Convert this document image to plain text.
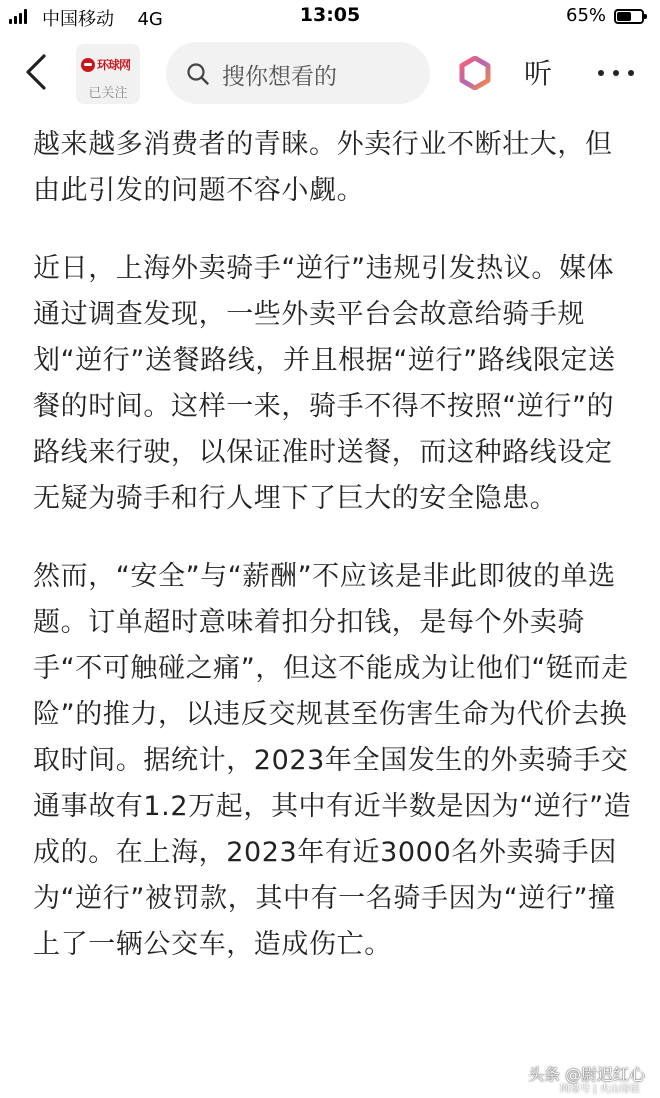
中国移动 4G	13:05	65%
环球网
已关注
搜你想看的	听

越来越多消费者的青睐。外卖行业不断壮大，但由此引发的问题不容小觑。

近日，上海外卖骑手“逆行”违规引发热议。媒体通过调查发现，一些外卖平台会故意给骑手规划“逆行”送餐路线，并且根据“逆行”路线限定送餐的时间。这样一来，骑手不得不按照“逆行”的路线来行驶，以保证准时送餐，而这种路线设定无疑为骑手和行人埋下了巨大的安全隐患。

然而，“安全”与“薪酬”不应该是非此即彼的单选题。订单超时意味着扣分扣钱，是每个外卖骑手“不可触碰之痛”，但这不能成为让他们“铤而走险”的推力，以违反交规甚至伤害生命为代价去换取时间。据统计，2023年全国发生的外卖骑手交通事故有1.2万起，其中有近半数是因为“逆行”造成的。在上海，2023年有近3000名外卖骑手因为“逆行”被罚款，其中有一名骑手因为“逆行”撞上了一辆公交车，造成伤亡。

头条 @尉迟红心
网易号 | 火山诗话
